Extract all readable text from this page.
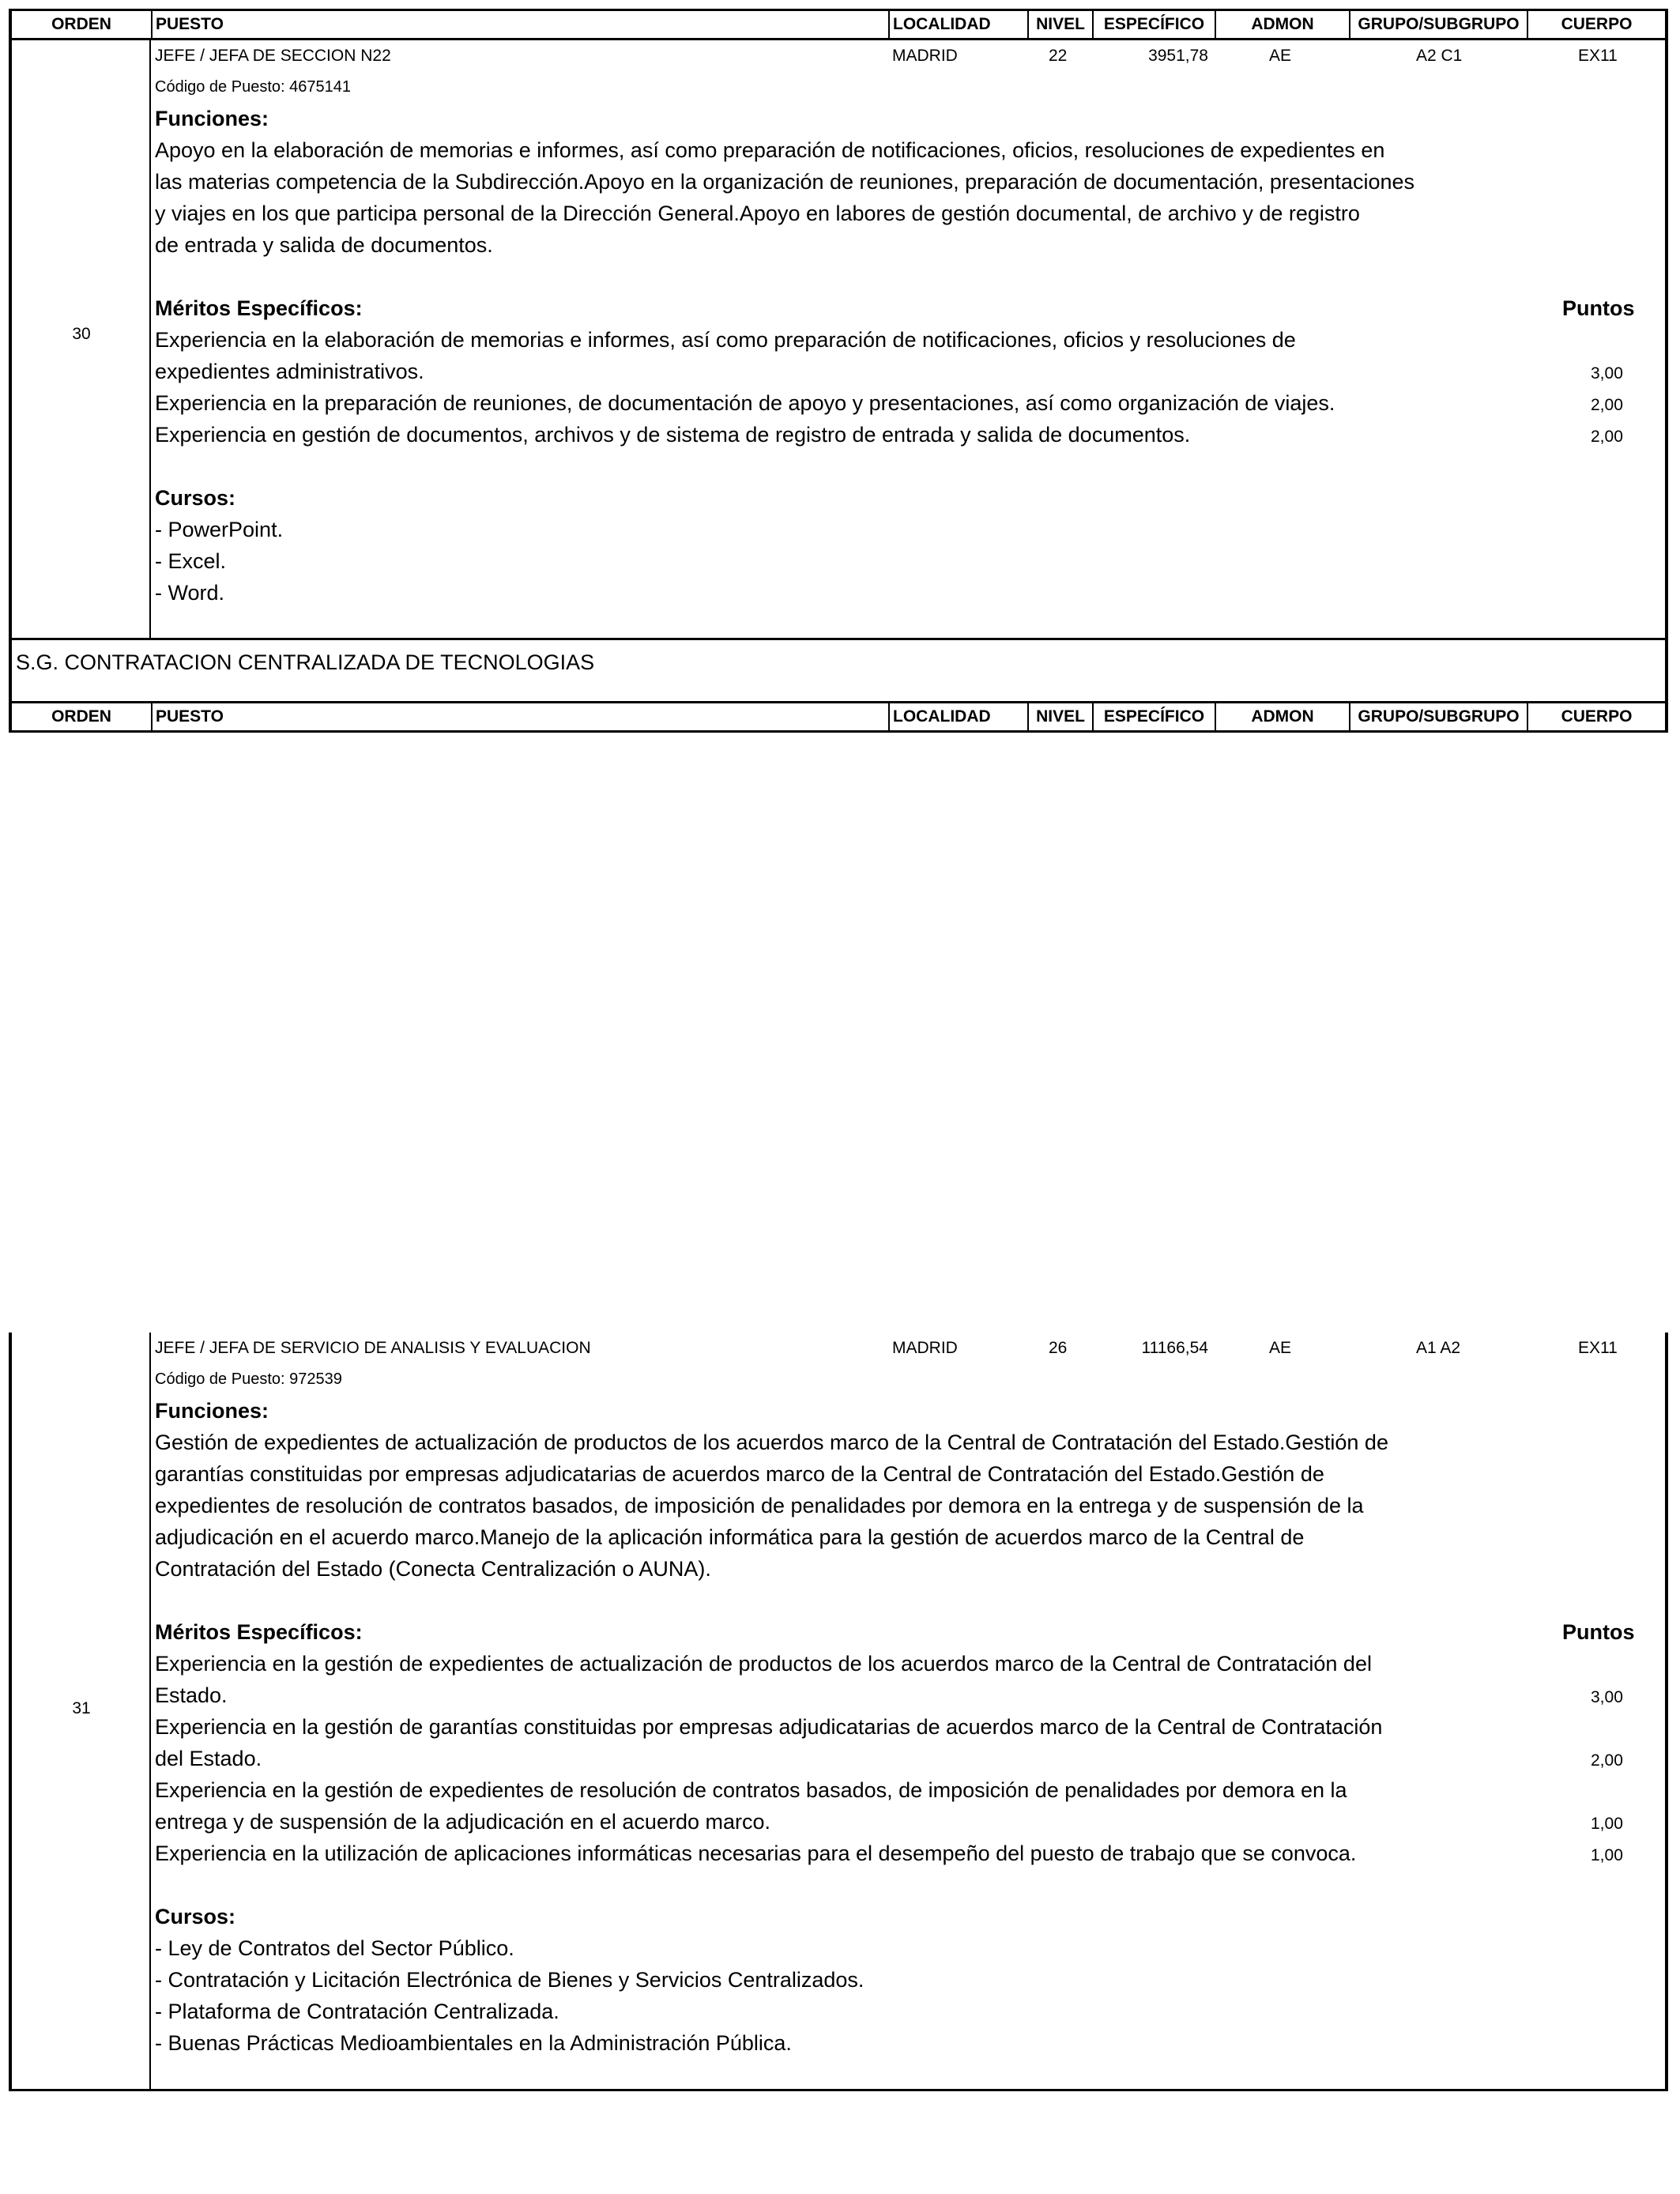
ORDEN	PUESTO	LOCALIDAD	NIVEL	ESPECÍFICO	ADMON	GRUPO/SUBGRUPO	CUERPO
30
JEFE / JEFA DE SECCION N22	MADRID	22	3951,78	AE	A2 C1	EX11
Código de Puesto: 4675141
Funciones:
Apoyo en la elaboración de memorias e informes, así como preparación de notificaciones, oficios, resoluciones de expedientes en
las materias competencia de la Subdirección.Apoyo en la organización de reuniones, preparación de documentación, presentaciones
y viajes en los que participa personal de la Dirección General.Apoyo en labores de gestión documental, de archivo y de registro
de entrada y salida de documentos.
Méritos Específicos:	Puntos
Experiencia en la elaboración de memorias e informes, así como preparación de notificaciones, oficios y resoluciones de
expedientes administrativos.	3,00
Experiencia en la preparación de reuniones, de documentación de apoyo y presentaciones, así como organización de viajes.	2,00
Experiencia en gestión de documentos, archivos y de sistema de registro de entrada y salida de documentos.	2,00
Cursos:
- PowerPoint.
- Excel.
- Word.
S.G. CONTRATACION CENTRALIZADA DE TECNOLOGIAS
ORDEN	PUESTO	LOCALIDAD	NIVEL	ESPECÍFICO	ADMON	GRUPO/SUBGRUPO	CUERPO
31
JEFE / JEFA DE SERVICIO DE ANALISIS Y EVALUACION	MADRID	26	11166,54	AE	A1 A2	EX11
Código de Puesto: 972539
Funciones:
Gestión de expedientes de actualización de productos de los acuerdos marco de la Central de Contratación del Estado.Gestión de
garantías constituidas por empresas adjudicatarias de acuerdos marco de la Central de Contratación del Estado.Gestión de
expedientes de resolución de contratos basados, de imposición de penalidades por demora en la entrega y de suspensión de la
adjudicación en el acuerdo marco.Manejo de la aplicación informática para la gestión de acuerdos marco de la Central de
Contratación del Estado (Conecta Centralización o AUNA).
Méritos Específicos:	Puntos
Experiencia en la gestión de expedientes de actualización de productos de los acuerdos marco de la Central de Contratación del
Estado.	3,00
Experiencia en la gestión de garantías constituidas por empresas adjudicatarias de acuerdos marco de la Central de Contratación
del Estado.	2,00
Experiencia en la gestión de expedientes de resolución de contratos basados, de imposición de penalidades por demora en la
entrega y de suspensión de la adjudicación en el acuerdo marco.	1,00
Experiencia en la utilización de aplicaciones informáticas necesarias para el desempeño del puesto de trabajo que se convoca.	1,00
Cursos:
- Ley de Contratos del Sector Público.
- Contratación y Licitación Electrónica de Bienes y Servicios Centralizados.
- Plataforma de Contratación Centralizada.
- Buenas Prácticas Medioambientales en la Administración Pública.
